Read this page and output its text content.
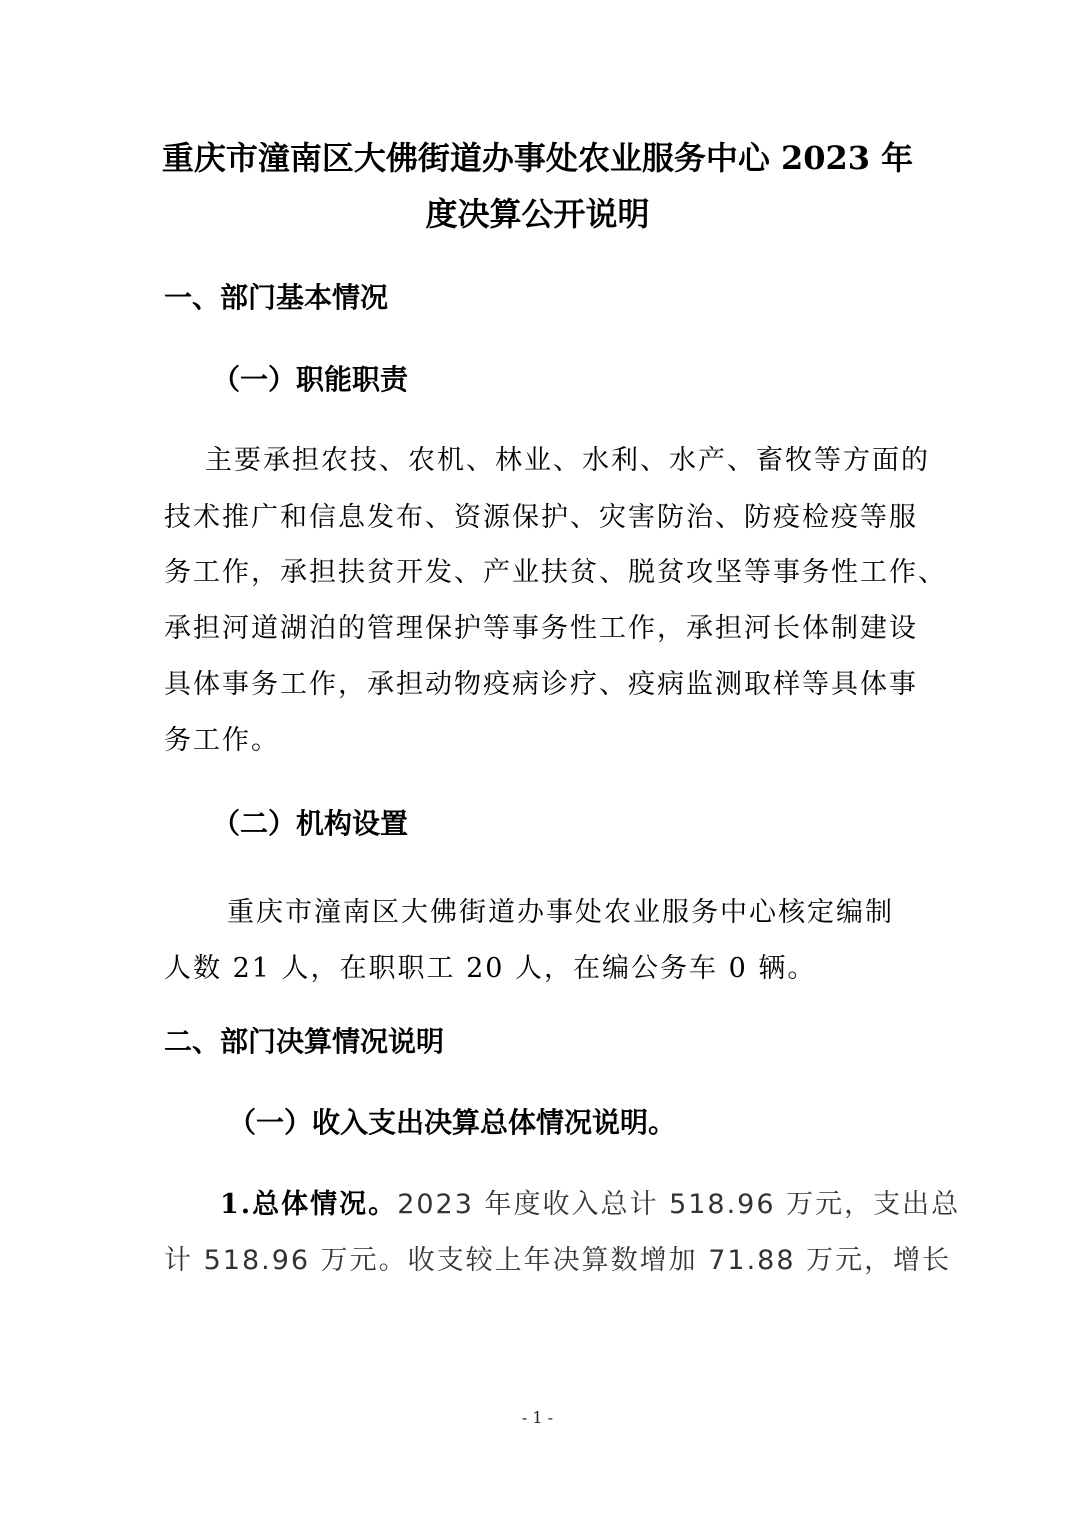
重庆市潼南区大佛街道办事处农业服务中心 2023 年
度决算公开说明
一、部门基本情况
（一）职能职责
主要承担农技、农机、林业、水利、水产、畜牧等方面的
技术推广和信息发布、资源保护、灾害防治、防疫检疫等服
务工作，承担扶贫开发、产业扶贫、脱贫攻坚等事务性工作、
承担河道湖泊的管理保护等事务性工作，承担河长体制建设
具体事务工作，承担动物疫病诊疗、疫病监测取样等具体事
务工作。
（二）机构设置
重庆市潼南区大佛街道办事处农业服务中心核定编制
人数 21 人，在职职工 20 人，在编公务车 0 辆。
二、部门决算情况说明
（一）收入支出决算总体情况说明。
1.总体情况。2023 年度收入总计 518.96 万元，支出总
计 518.96 万元。收支较上年决算数增加 71.88 万元，增长
- 1 -
